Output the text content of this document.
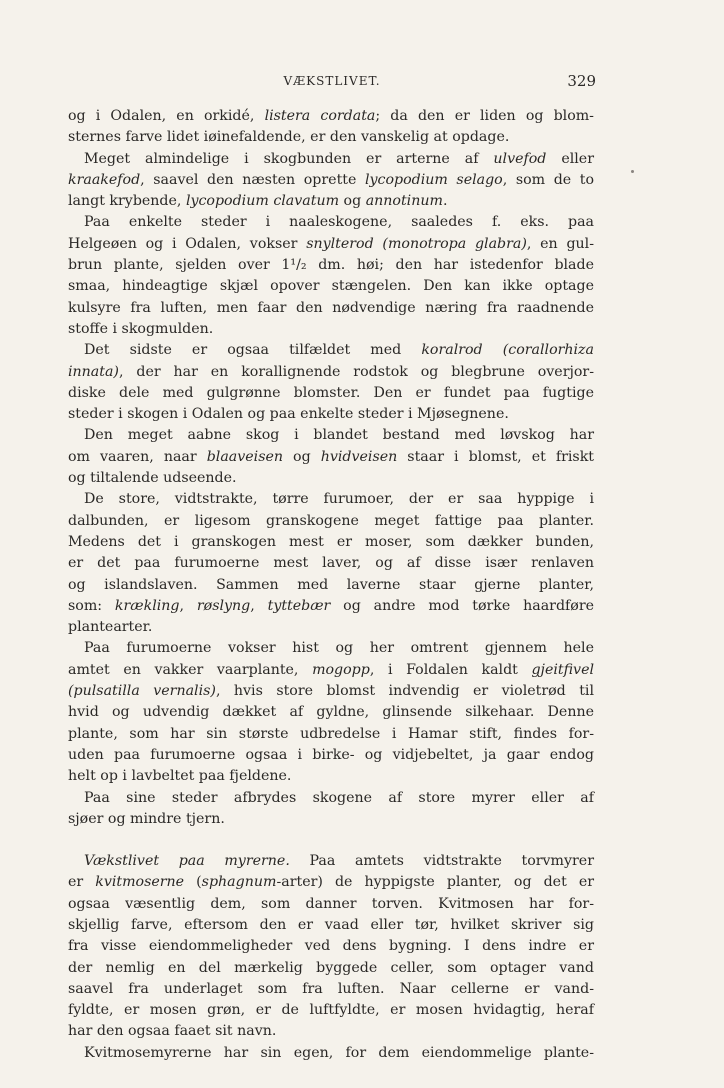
VÆKSTLIVET.	329
og i Odalen, en orkidé, listera cordata; da den er liden og blom-
sternes farve lidet iøinefaldende, er den vanskelig at opdage.
Meget almindelige i skogbunden er arterne af ulvefod eller
kraakefod, saavel den næsten oprette lycopodium selago, som de to
langt krybende, lycopodium clavatum og annotinum.
Paa enkelte steder i naaleskogene, saaledes f. eks. paa
Helgeøen og i Odalen, vokser snylterod (monotropa glabra), en gul-
brun plante, sjelden over 1¹/₂ dm. høi; den har istedenfor blade
smaa, hindeagtige skjæl opover stængelen. Den kan ikke optage
kulsyre fra luften, men faar den nødvendige næring fra raadnende
stoffe i skogmulden.
Det sidste er ogsaa tilfældet med koralrod (corallorhiza
innata), der har en korallignende rodstok og blegbrune overjor-
diske dele med gulgrønne blomster. Den er fundet paa fugtige
steder i skogen i Odalen og paa enkelte steder i Mjøsegnene.
Den meget aabne skog i blandet bestand med løvskog har
om vaaren, naar blaaveisen og hvidveisen staar i blomst, et friskt
og tiltalende udseende.
De store, vidtstrakte, tørre furumoer, der er saa hyppige i
dalbunden, er ligesom granskogene meget fattige paa planter.
Medens det i granskogen mest er moser, som dækker bunden,
er det paa furumoerne mest laver, og af disse især renlaven
og islandslaven. Sammen med laverne staar gjerne planter,
som: krækling, røslyng, tyttebær og andre mod tørke haardføre
plantearter.
Paa furumoerne vokser hist og her omtrent gjennem hele
amtet en vakker vaarplante, mogopp, i Foldalen kaldt gjeitfivel
(pulsatilla vernalis), hvis store blomst indvendig er violetrød til
hvid og udvendig dækket af gyldne, glinsende silkehaar. Denne
plante, som har sin største udbredelse i Hamar stift, findes for-
uden paa furumoerne ogsaa i birke- og vidjebeltet, ja gaar endog
helt op i lavbeltet paa fjeldene.
Paa sine steder afbrydes skogene af store myrer eller af
sjøer og mindre tjern.
Vækstlivet paa myrerne. Paa amtets vidtstrakte torvmyrer
er kvitmoserne (sphagnum-arter) de hyppigste planter, og det er
ogsaa væsentlig dem, som danner torven. Kvitmosen har for-
skjellig farve, eftersom den er vaad eller tør, hvilket skriver sig
fra visse eiendommeligheder ved dens bygning. I dens indre er
der nemlig en del mærkelig byggede celler, som optager vand
saavel fra underlaget som fra luften. Naar cellerne er vand-
fyldte, er mosen grøn, er de luftfyldte, er mosen hvidagtig, heraf
har den ogsaa faaet sit navn.
Kvitmosemyrerne har sin egen, for dem eiendommelige plante-
